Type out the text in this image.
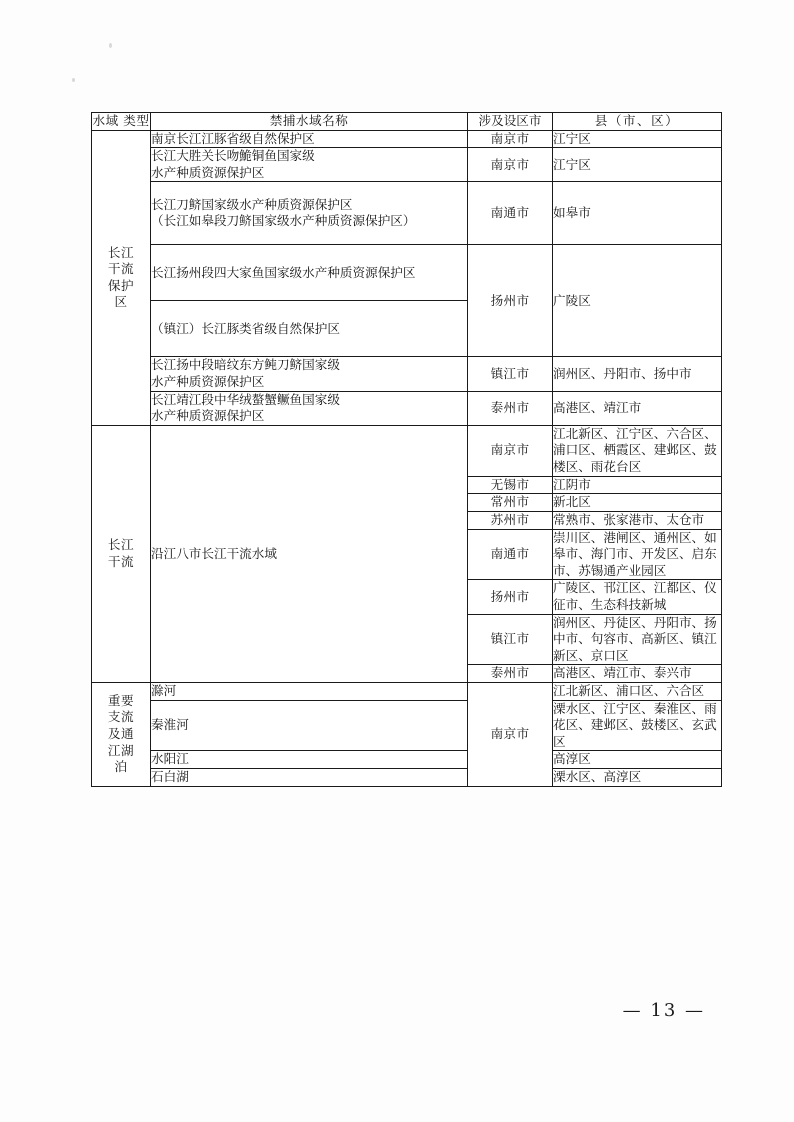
水域 类型	禁捕水域名称	涉及设区市	县（市、区）

长江
干流
保护
区	南京长江江豚省级自然保护区	南京市	江宁区

	长江大胜关长吻鮠铜鱼国家级
水产种质资源保护区	南京市	江宁区

	长江刀鲚国家级水产种质资源保护区
（长江如皋段刀鲚国家级水产种质资源保护区）	南通市	如皋市

	长江扬州段四大家鱼国家级水产种质资源保护区	扬州市	广陵区

	（镇江）长江豚类省级自然保护区		

	长江扬中段暗纹东方鲀刀鲚国家级
水产种质资源保护区	镇江市	润州区、丹阳市、扬中市

	长江靖江段中华绒螯蟹鳜鱼国家级
水产种质资源保护区	泰州市	高港区、靖江市

长江
干流	沿江八市长江干流水域	南京市	江北新区、江宁区、六合区、浦口区、栖霞区、建邺区、鼓楼区、雨花台区
		无锡市	江阴市
		常州市	新北区
		苏州市	常熟市、张家港市、太仓市
		南通市	崇川区、港闸区、通州区、如皋市、海门市、开发区、启东市、苏锡通产业园区
		扬州市	广陵区、邗江区、江都区、仪征市、生态科技新城
		镇江市	润州区、丹徒区、丹阳市、扬中市、句容市、高新区、镇江新区、京口区
		泰州市	高港区、靖江市、泰兴市

重要
支流
及通
江湖
泊	滁河	南京市	江北新区、浦口区、六合区

	秦淮河		溧水区、江宁区、秦淮区、雨花区、建邺区、鼓楼区、玄武区

	水阳江		高淳区

	石白湖		溧水区、高淳区
— 13 —
